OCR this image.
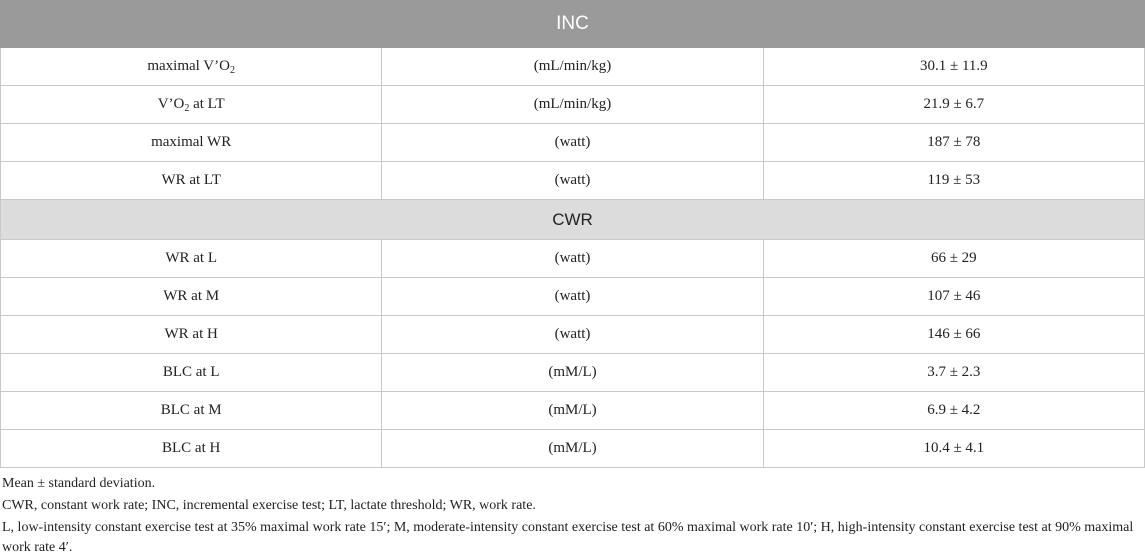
INC		
maximal $V’O_2$	(mL/min/kg)	30.1 ± 11.9
$V’O_2$ at LT	(mL/min/kg)	21.9 ± 6.7
maximal WR	(watt)	187 ± 78
WR at LT	(watt)	119 ± 53
CWR		
WR at L	(watt)	66 ± 29
WR at M	(watt)	107 ± 46
WR at H	(watt)	146 ± 66
BLC at L	(mM/L)	3.7 ± 2.3
BLC at M	(mM/L)	6.9 ± 4.2
BLC at H	(mM/L)	10.4 ± 4.1

Mean ± standard deviation.

CWR, constant work rate; INC, incremental exercise test; LT, lactate threshold; WR, work rate.

L, low-intensity constant exercise test at 35% maximal work rate 15′; M, moderate-intensity constant exercise test at 60% maximal work rate 10′; H, high-intensity constant exercise test at 90% maximal work rate 4′.
